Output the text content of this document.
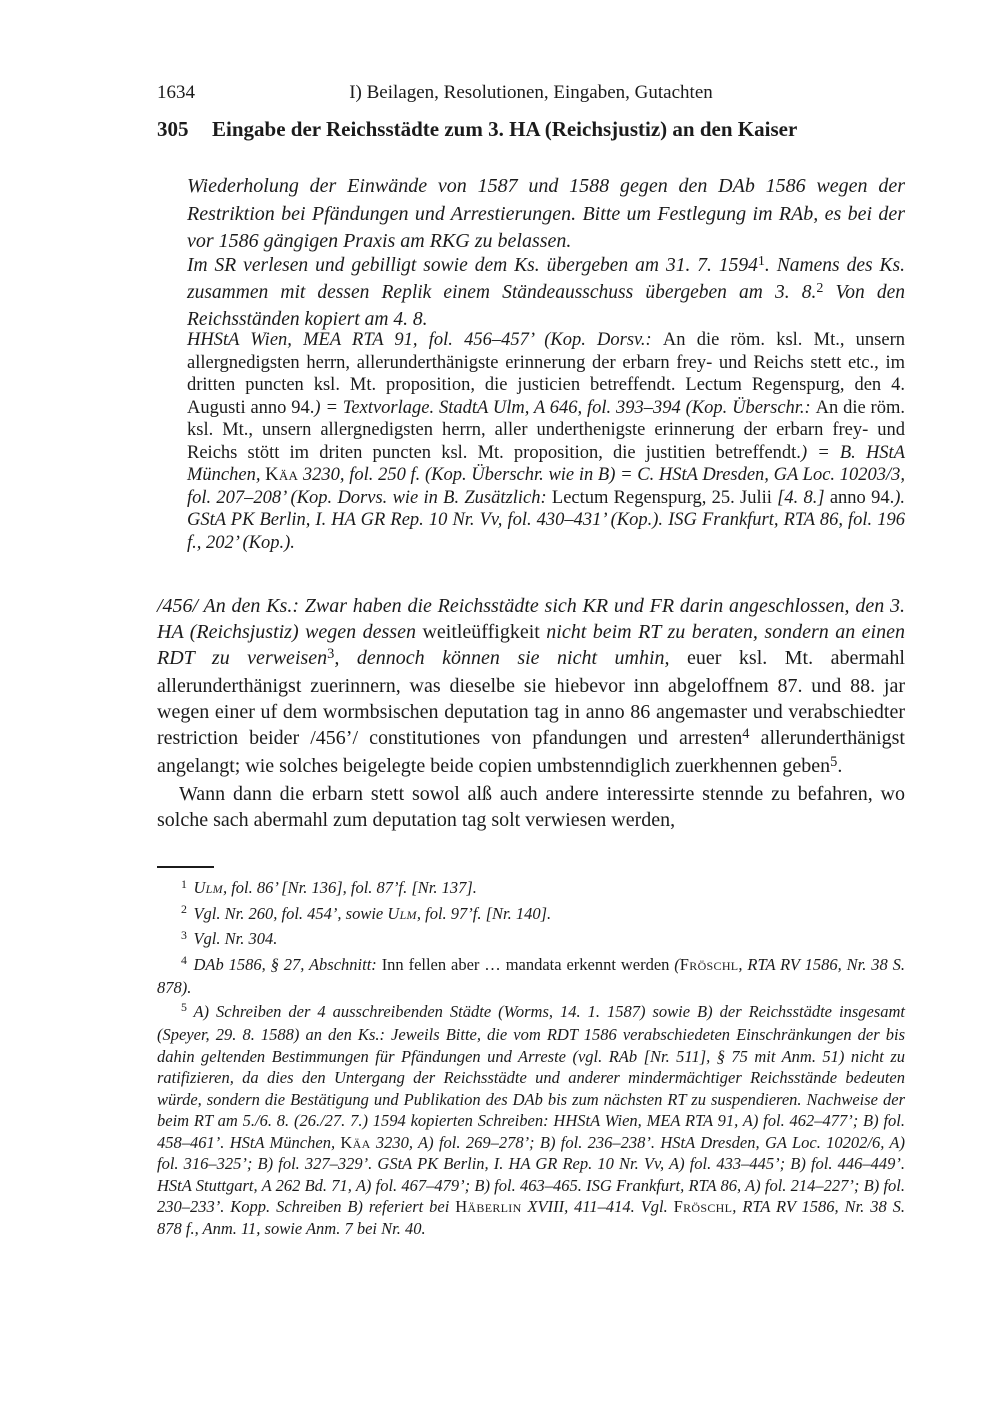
1634	I) Beilagen, Resolutionen, Eingaben, Gutachten
305 Eingabe der Reichsstädte zum 3. HA (Reichsjustiz) an den Kaiser
Wiederholung der Einwände von 1587 und 1588 gegen den DAb 1586 wegen der Restriktion bei Pfändungen und Arrestierungen. Bitte um Festlegung im RAb, es bei der vor 1586 gängigen Praxis am RKG zu belassen.
Im SR verlesen und gebilligt sowie dem Ks. übergeben am 31. 7. 1594$^1$. Namens des Ks. zusammen mit dessen Replik einem Ständeausschuss übergeben am 3. 8.$^2$ Von den Reichsständen kopiert am 4. 8.
HHStA Wien, MEA RTA 91, fol. 456–457’ (Kop. Dorsv.: An die röm. ksl. Mt., unsern allergnedigsten herrn, allerunderthänigste erinnerung der erbarn frey- und Reichs stett etc., im dritten puncten ksl. Mt. proposition, die justicien betreffendt. Lectum Regenspurg, den 4. Augusti anno 94.) = Textvorlage. StadtA Ulm, A 646, fol. 393–394 (Kop. Überschr.: An die röm. ksl. Mt., unsern allergnedigsten herrn, aller underthenigste erinnerung der erbarn frey- und Reichs stött im driten puncten ksl. Mt. proposition, die justitien betreffendt.) = B. HStA München, Käa 3230, fol. 250 f. (Kop. Überschr. wie in B) = C. HStA Dresden, GA Loc. 10203/3, fol. 207–208’ (Kop. Dorvs. wie in B. Zusätzlich: Lectum Regenspurg, 25. Julii [4. 8.] anno 94.). GStA PK Berlin, I. HA GR Rep. 10 Nr. Vv, fol. 430–431’ (Kop.). ISG Frankfurt, RTA 86, fol. 196 f., 202’ (Kop.).

/456/ An den Ks.: Zwar haben die Reichsstädte sich KR und FR darin angeschlossen, den 3. HA (Reichsjustiz) wegen dessen weitleüffigkeit nicht beim RT zu beraten, sondern an einen RDT zu verweisen$^3$, dennoch können sie nicht umhin, euer ksl. Mt. abermahl allerunderthänigst zuerinnern, was dieselbe sie hiebevor inn abgeloffnem 87. und 88. jar wegen einer uf dem wormbsischen deputation tag in anno 86 angemaster und verabschiedter restriction beider /456’/ constitutiones von pfandungen und arresten$^4$ allerunderthänigst angelangt; wie solches beigelegte beide copien umbstenndiglich zuerkhennen geben$^5$.

Wann dann die erbarn stett sowol alß auch andere interessirte stennde zu befahren, wo solche sach abermahl zum deputation tag solt verwiesen werden,

$^1$ Ulm, fol. 86’ [Nr. 136], fol. 87’f. [Nr. 137].

$^2$ Vgl. Nr. 260, fol. 454’, sowie Ulm, fol. 97’f. [Nr. 140].

$^3$ Vgl. Nr. 304.

$^4$ DAb 1586, § 27, Abschnitt: Inn fellen aber … mandata erkennt werden (Fröschl, RTA RV 1586, Nr. 38 S. 878).

$^5$ A) Schreiben der 4 ausschreibenden Städte (Worms, 14. 1. 1587) sowie B) der Reichsstädte insgesamt (Speyer, 29. 8. 1588) an den Ks.: Jeweils Bitte, die vom RDT 1586 verabschiedeten Einschränkungen der bis dahin geltenden Bestimmungen für Pfändungen und Arreste (vgl. RAb [Nr. 511], § 75 mit Anm. 51) nicht zu ratifizieren, da dies den Untergang der Reichsstädte und anderer mindermächtiger Reichsstände bedeuten würde, sondern die Bestätigung und Publikation des DAb bis zum nächsten RT zu suspendieren. Nachweise der beim RT am 5./6. 8. (26./27. 7.) 1594 kopierten Schreiben: HHStA Wien, MEA RTA 91, A) fol. 462–477’; B) fol. 458–461’. HStA München, Käa 3230, A) fol. 269–278’; B) fol. 236–238’. HStA Dresden, GA Loc. 10202/6, A) fol. 316–325’; B) fol. 327–329’. GStA PK Berlin, I. HA GR Rep. 10 Nr. Vv, A) fol. 433–445’; B) fol. 446–449’. HStA Stuttgart, A 262 Bd. 71, A) fol. 467–479’; B) fol. 463–465. ISG Frankfurt, RTA 86, A) fol. 214–227’; B) fol. 230–233’. Kopp. Schreiben B) referiert bei Häberlin XVIII, 411–414. Vgl. Fröschl, RTA RV 1586, Nr. 38 S. 878 f., Anm. 11, sowie Anm. 7 bei Nr. 40.
